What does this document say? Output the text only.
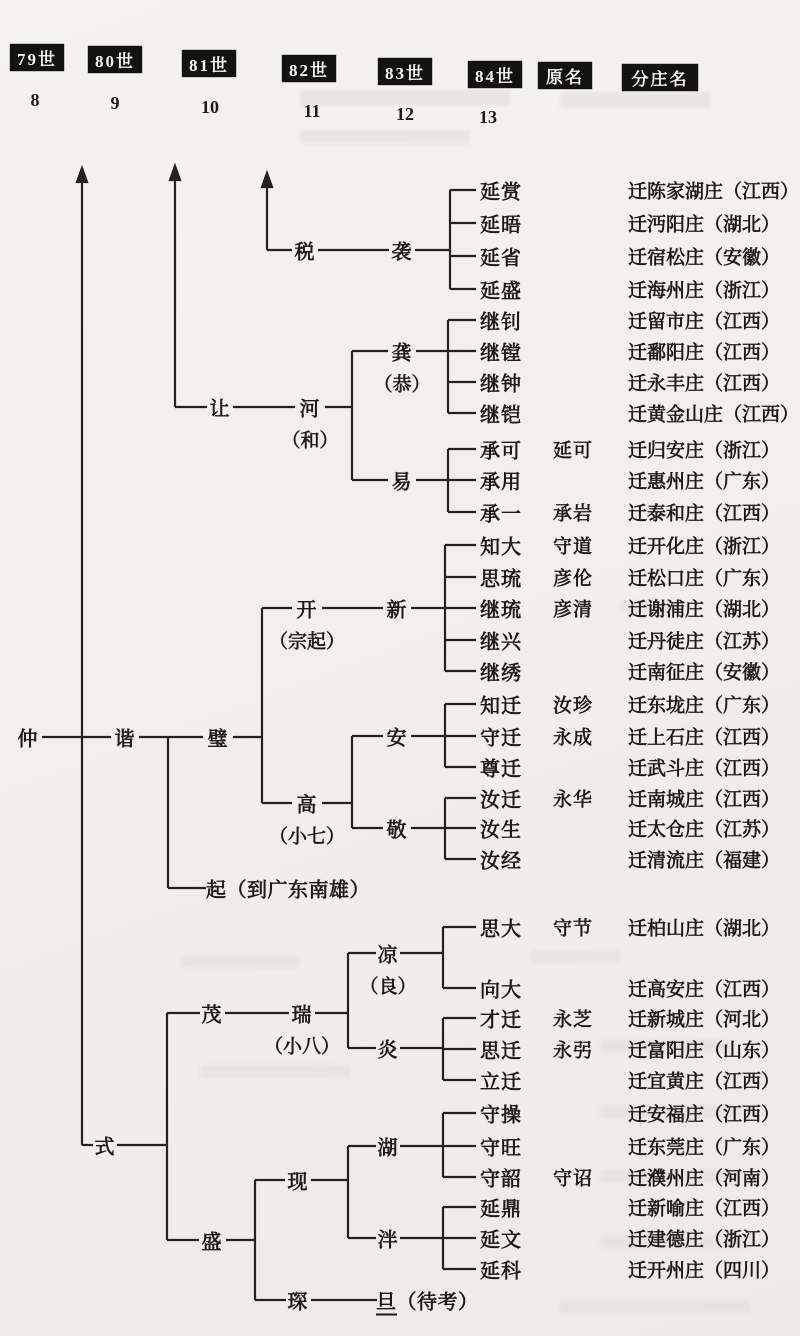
79世	80世	81世	82世	83世	84世	原名	分庄名
8	9	10	11	12	13
仲	谐	璧
让
税	袭
河
（和）
龚
（恭）
易
开
（宗起）
新
高
（小七）
安
敬
式
茂	瑞
（小八）
凉
（良）
炎
盛
现
湖
泮
琛
起（到广东南雄）
旦（待考）
延赏	迁陈家湖庄（江西）
延晤	迁沔阳庄（湖北）
延省	迁宿松庄（安徽）
延盛	迁海州庄（浙江）
继钊	迁留市庄（江西）
继镗	迁鄱阳庄（江西）
继钟	迁永丰庄（江西）
继铠	迁黄金山庄（江西）
承可 延可 迁归安庄（浙江）
承用	迁惠州庄（广东）
承一 承岩 迁泰和庄（江西）
知大 守道 迁开化庄（浙江）
思琉 彦伦 迁松口庄（广东）
继琉 彦清 迁谢浦庄（湖北）
继兴	迁丹徒庄（江苏）
继绣	迁南征庄（安徽）
知迁 汝珍 迁东垅庄（广东）
守迁 永成 迁上石庄（江西）
尊迁	迁武斗庄（江西）
汝迁 永华 迁南城庄（江西）
汝生	迁太仓庄（江苏）
汝经	迁清流庄（福建）
思大 守节 迁柏山庄（湖北）
向大	迁高安庄（江西）
才迁 永芝 迁新城庄（河北）
思迁 永弜 迁富阳庄（山东）
立迁	迁宜黄庄（江西）
守操	迁安福庄（江西）
守旺	迁东莞庄（广东）
守韶 守诏 迁濮州庄（河南）
延鼎	迁新喻庄（江西）
延文	迁建德庄（浙江）
延科	迁开州庄（四川）
